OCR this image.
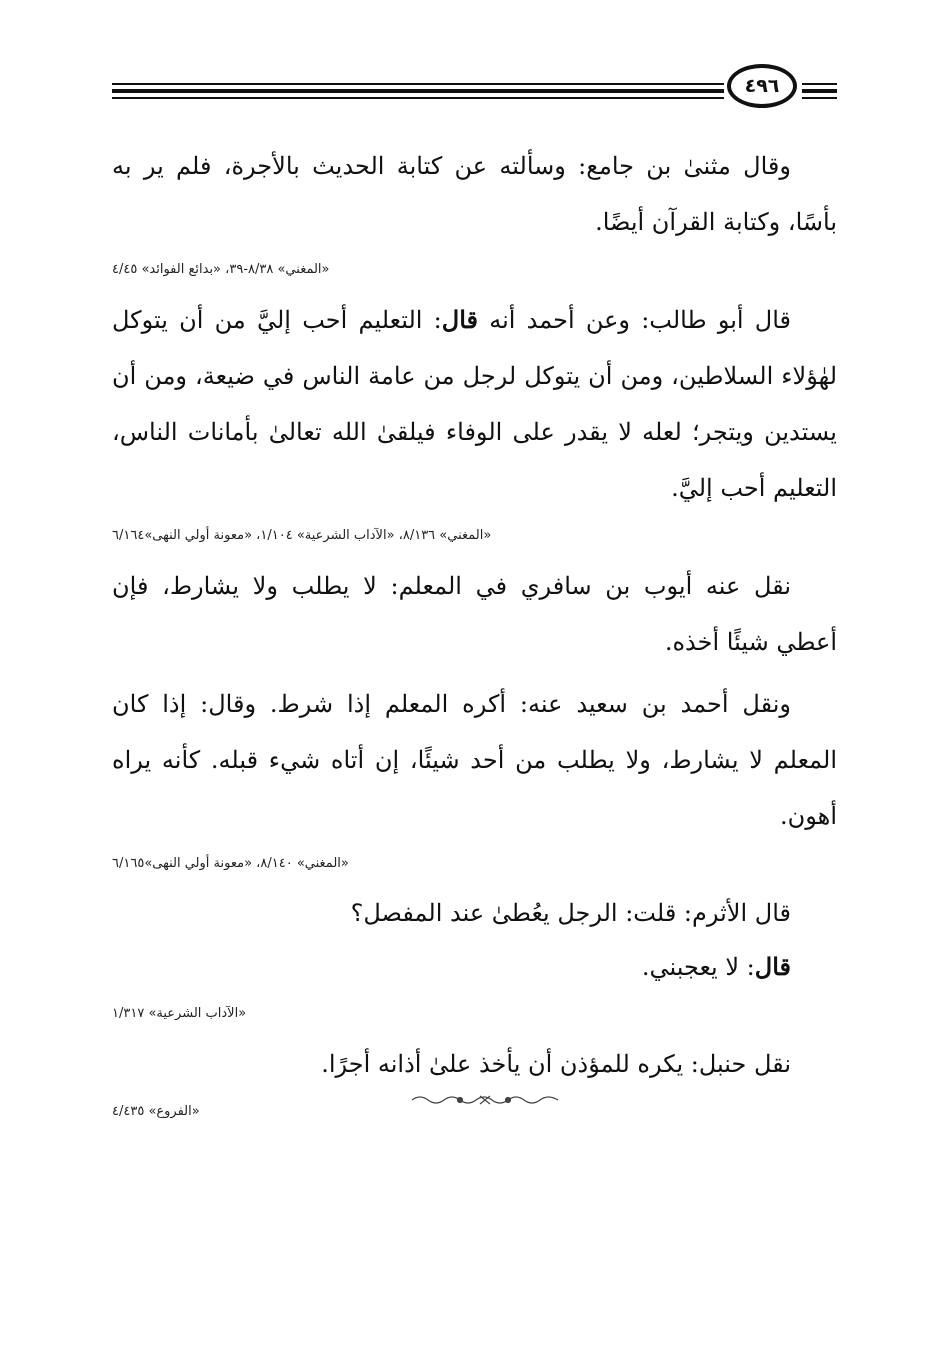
٤٩٦

وقال مثنىٰ بن جامع: وسألته عن كتابة الحديث بالأجرة، فلم ير به بأسًا، وكتابة القرآن أيضًا.

«المغني» ٨/٣٨-٣٩، «بدائع الفوائد» ٤/٤٥

قال أبو طالب: وعن أحمد أنه قال: التعليم أحب إليَّ من أن يتوكل لهٰؤلاء السلاطين، ومن أن يتوكل لرجل من عامة الناس في ضيعة، ومن أن يستدين ويتجر؛ لعله لا يقدر على الوفاء فيلقىٰ الله تعالىٰ بأمانات الناس، التعليم أحب إليَّ.

«المغني» ٨/١٣٦، «الآداب الشرعية» ١/١٠٤، «معونة أولي النهى»٦/١٦٤

نقل عنه أيوب بن سافري في المعلم: لا يطلب ولا يشارط، فإن أعطي شيئًا أخذه.

ونقل أحمد بن سعيد عنه: أكره المعلم إذا شرط. وقال: إذا كان المعلم لا يشارط، ولا يطلب من أحد شيئًا، إن أتاه شيء قبله. كأنه يراه أهون.

«المغني» ٨/١٤٠، «معونة أولي النهى»٦/١٦٥

قال الأثرم: قلت: الرجل يعُطىٰ عند المفصل؟

قال: لا يعجبني.

«الآداب الشرعية» ١/٣١٧

نقل حنبل: يكره للمؤذن أن يأخذ علىٰ أذانه أجرًا.

«الفروع» ٤/٤٣٥
